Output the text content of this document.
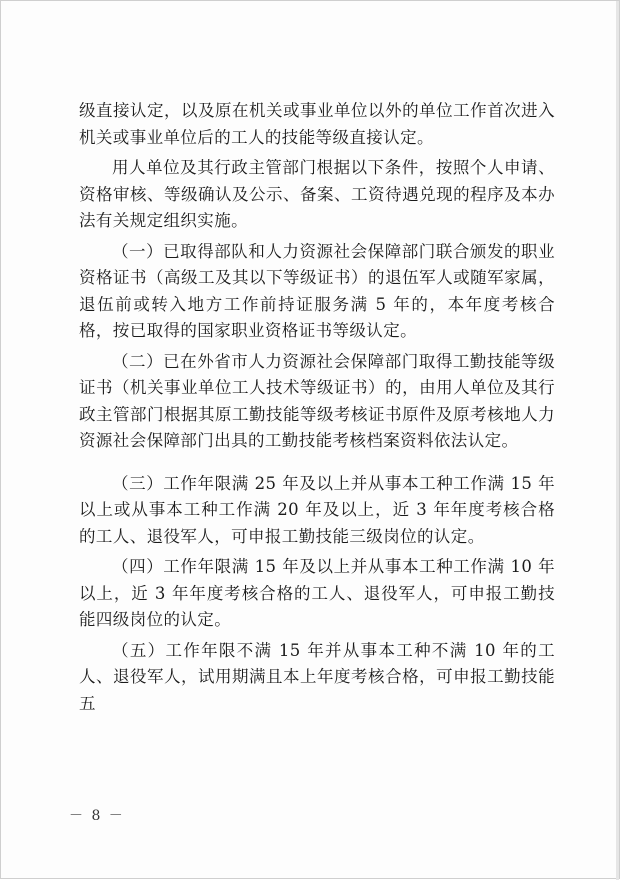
级直接认定，以及原在机关或事业单位以外的单位工作首次进入机关或事业单位后的工人的技能等级直接认定。

用人单位及其行政主管部门根据以下条件，按照个人申请、资格审核、等级确认及公示、备案、工资待遇兑现的程序及本办法有关规定组织实施。

（一）已取得部队和人力资源社会保障部门联合颁发的职业资格证书（高级工及其以下等级证书）的退伍军人或随军家属，退伍前或转入地方工作前持证服务满 5 年的，本年度考核合格，按已取得的国家职业资格证书等级认定。

（二）已在外省市人力资源社会保障部门取得工勤技能等级证书（机关事业单位工人技术等级证书）的，由用人单位及其行政主管部门根据其原工勤技能等级考核证书原件及原考核地人力资源社会保障部门出具的工勤技能考核档案资料依法认定。

（三）工作年限满 25 年及以上并从事本工种工作满 15 年以上或从事本工种工作满 20 年及以上，近 3 年年度考核合格的工人、退役军人，可申报工勤技能三级岗位的认定。

（四）工作年限满 15 年及以上并从事本工种工作满 10 年以上，近 3 年年度考核合格的工人、退役军人，可申报工勤技能四级岗位的认定。

（五）工作年限不满 15 年并从事本工种不满 10 年的工人、退役军人，试用期满且本上年度考核合格，可申报工勤技能五

－ 8 －
